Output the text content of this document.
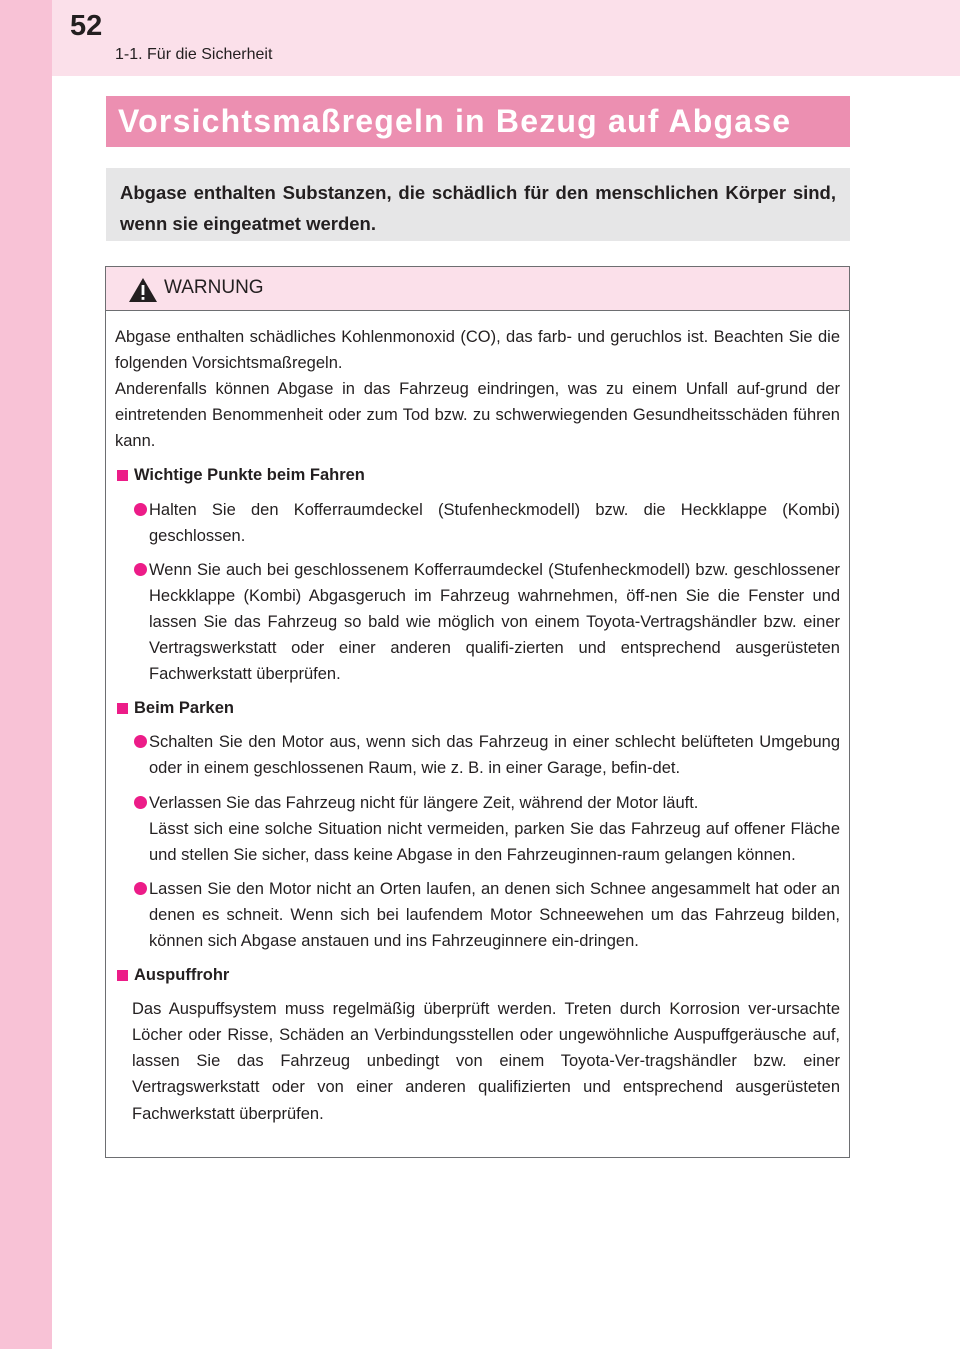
52
1-1. Für die Sicherheit
Vorsichtsmaßregeln in Bezug auf Abgase

Abgase enthalten Substanzen, die schädlich für den menschlichen Körper sind, wenn sie eingeatmet werden.

WARNUNG

Abgase enthalten schädliches Kohlenmonoxid (CO), das farb- und geruchlos ist. Beachten Sie die folgenden Vorsichtsmaßregeln.

Anderenfalls können Abgase in das Fahrzeug eindringen, was zu einem Unfall auf-grund der eintretenden Benommenheit oder zum Tod bzw. zu schwerwiegenden Gesundheitsschäden führen kann.

Wichtige Punkte beim Fahren

Halten Sie den Kofferraumdeckel (Stufenheckmodell) bzw. die Heckklappe (Kombi) geschlossen.

Wenn Sie auch bei geschlossenem Kofferraumdeckel (Stufenheckmodell) bzw. geschlossener Heckklappe (Kombi) Abgasgeruch im Fahrzeug wahrnehmen, öff-nen Sie die Fenster und lassen Sie das Fahrzeug so bald wie möglich von einem Toyota-Vertragshändler bzw. einer Vertragswerkstatt oder einer anderen qualifi-zierten und entsprechend ausgerüsteten Fachwerkstatt überprüfen.

Beim Parken

Schalten Sie den Motor aus, wenn sich das Fahrzeug in einer schlecht belüfteten Umgebung oder in einem geschlossenen Raum, wie z. B. in einer Garage, befin-det.

Verlassen Sie das Fahrzeug nicht für längere Zeit, während der Motor läuft.

Lässt sich eine solche Situation nicht vermeiden, parken Sie das Fahrzeug auf offener Fläche und stellen Sie sicher, dass keine Abgase in den Fahrzeuginnen-raum gelangen können.

Lassen Sie den Motor nicht an Orten laufen, an denen sich Schnee angesammelt hat oder an denen es schneit. Wenn sich bei laufendem Motor Schneewehen um das Fahrzeug bilden, können sich Abgase anstauen und ins Fahrzeuginnere ein-dringen.

Auspuffrohr

Das Auspuffsystem muss regelmäßig überprüft werden. Treten durch Korrosion ver-ursachte Löcher oder Risse, Schäden an Verbindungsstellen oder ungewöhnliche Auspuffgeräusche auf, lassen Sie das Fahrzeug unbedingt von einem Toyota-Ver-tragshändler bzw. einer Vertragswerkstatt oder von einer anderen qualifizierten und entsprechend ausgerüsteten Fachwerkstatt überprüfen.
